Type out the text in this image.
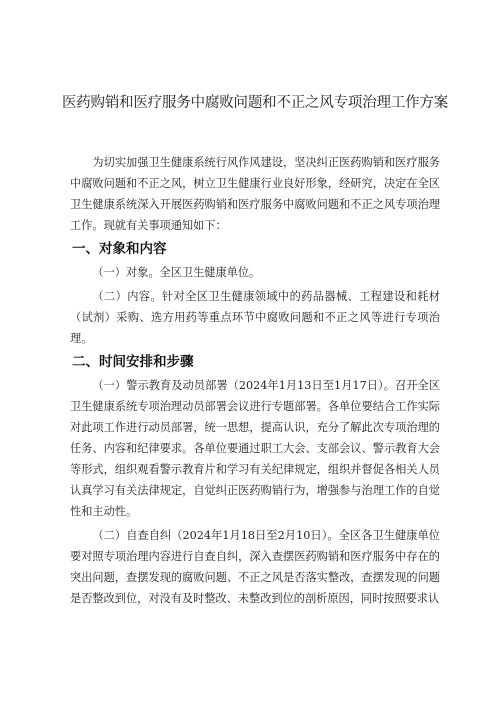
医药购销和医疗服务中腐败问题和不正之风专项治理工作方案

为切实加强卫生健康系统行风作风建设，坚决纠正医药购销和医疗服务中腐败问题和不正之风，树立卫生健康行业良好形象，经研究，决定在全区卫生健康系统深入开展医药购销和医疗服务中腐败问题和不正之风专项治理工作。现就有关事项通知如下：

一、对象和内容

（一）对象。全区卫生健康单位。

（二）内容。针对全区卫生健康领域中的药品器械、工程建设和耗材（试剂）采购、选方用药等重点环节中腐败问题和不正之风等进行专项治理。

二、时间安排和步骤

（一）警示教育及动员部署（2024年1月13日至1月17日）。召开全区卫生健康系统专项治理动员部署会议进行专题部署。各单位要结合工作实际对此项工作进行动员部署，统一思想，提高认识，充分了解此次专项治理的任务、内容和纪律要求。各单位要通过职工大会、支部会议、警示教育大会等形式，组织观看警示教育片和学习有关纪律规定，组织并督促各相关人员认真学习有关法律规定，自觉纠正医药购销行为，增强参与治理工作的自觉性和主动性。

（二）自查自纠（2024年1月18日至2月10日）。全区各卫生健康单位要对照专项治理内容进行自查自纠，深入查摆医药购销和医疗服务中存在的突出问题，查摆发现的腐败问题、不正之风是否落实整改，查摆发现的问题是否整改到位，对没有及时整改、未整改到位的剖析原因，同时按照要求认
